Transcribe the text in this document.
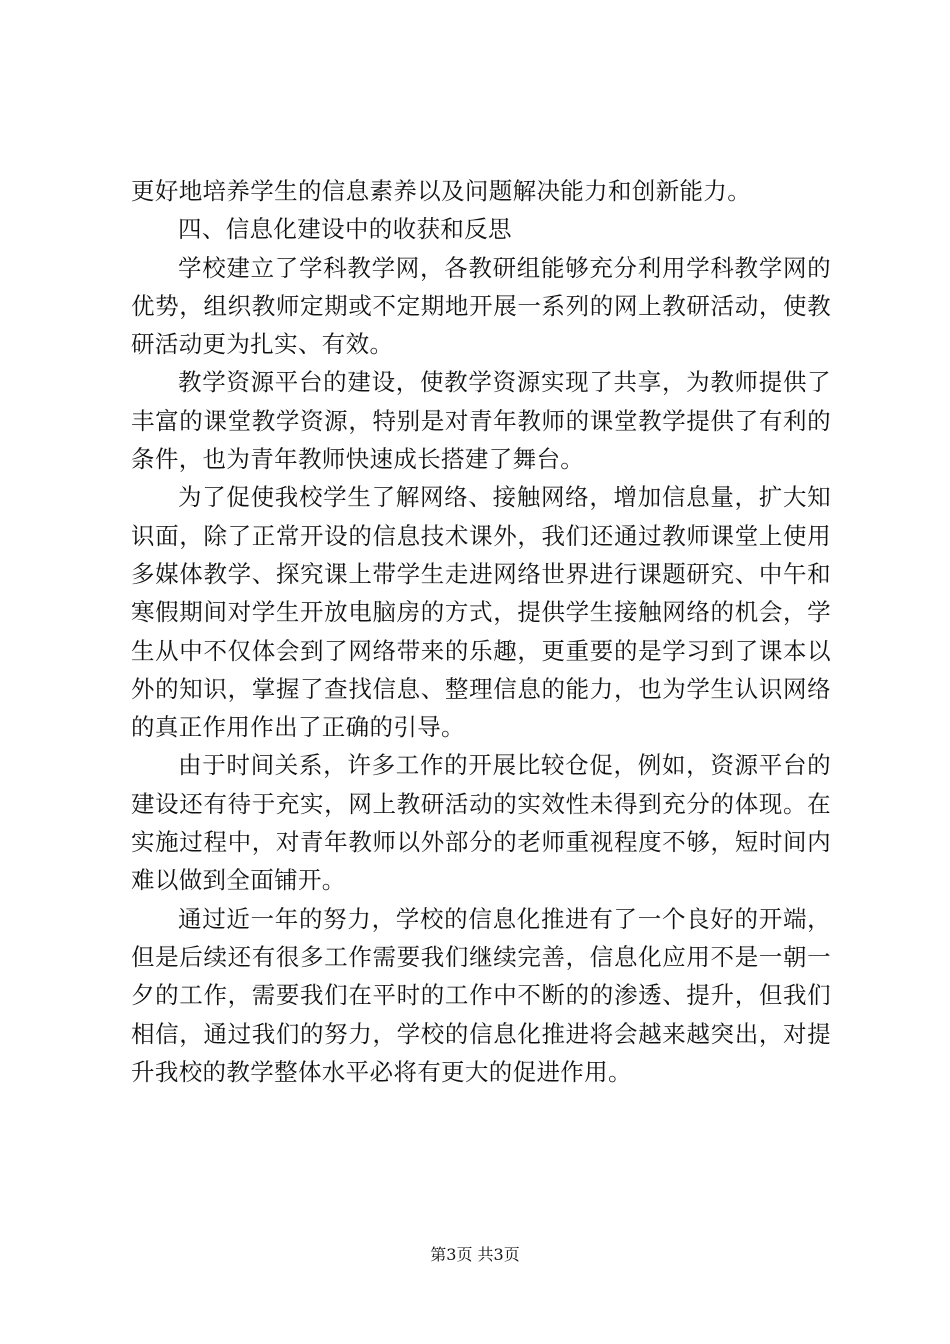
更好地培养学生的信息素养以及问题解决能力和创新能力。

四、信息化建设中的收获和反思

学校建立了学科教学网，各教研组能够充分利用学科教学网的优势，组织教师定期或不定期地开展一系列的网上教研活动，使教研活动更为扎实、有效。

教学资源平台的建设，使教学资源实现了共享，为教师提供了丰富的课堂教学资源，特别是对青年教师的课堂教学提供了有利的条件，也为青年教师快速成长搭建了舞台。

为了促使我校学生了解网络、接触网络，增加信息量，扩大知识面，除了正常开设的信息技术课外，我们还通过教师课堂上使用多媒体教学、探究课上带学生走进网络世界进行课题研究、中午和寒假期间对学生开放电脑房的方式，提供学生接触网络的机会，学生从中不仅体会到了网络带来的乐趣，更重要的是学习到了课本以外的知识，掌握了查找信息、整理信息的能力，也为学生认识网络的真正作用作出了正确的引导。

由于时间关系，许多工作的开展比较仓促，例如，资源平台的建设还有待于充实，网上教研活动的实效性未得到充分的体现。在实施过程中，对青年教师以外部分的老师重视程度不够，短时间内难以做到全面铺开。

通过近一年的努力，学校的信息化推进有了一个良好的开端，但是后续还有很多工作需要我们继续完善，信息化应用不是一朝一夕的工作，需要我们在平时的工作中不断的的渗透、提升，但我们相信，通过我们的努力，学校的信息化推进将会越来越突出，对提升我校的教学整体水平必将有更大的促进作用。

第3页 共3页
